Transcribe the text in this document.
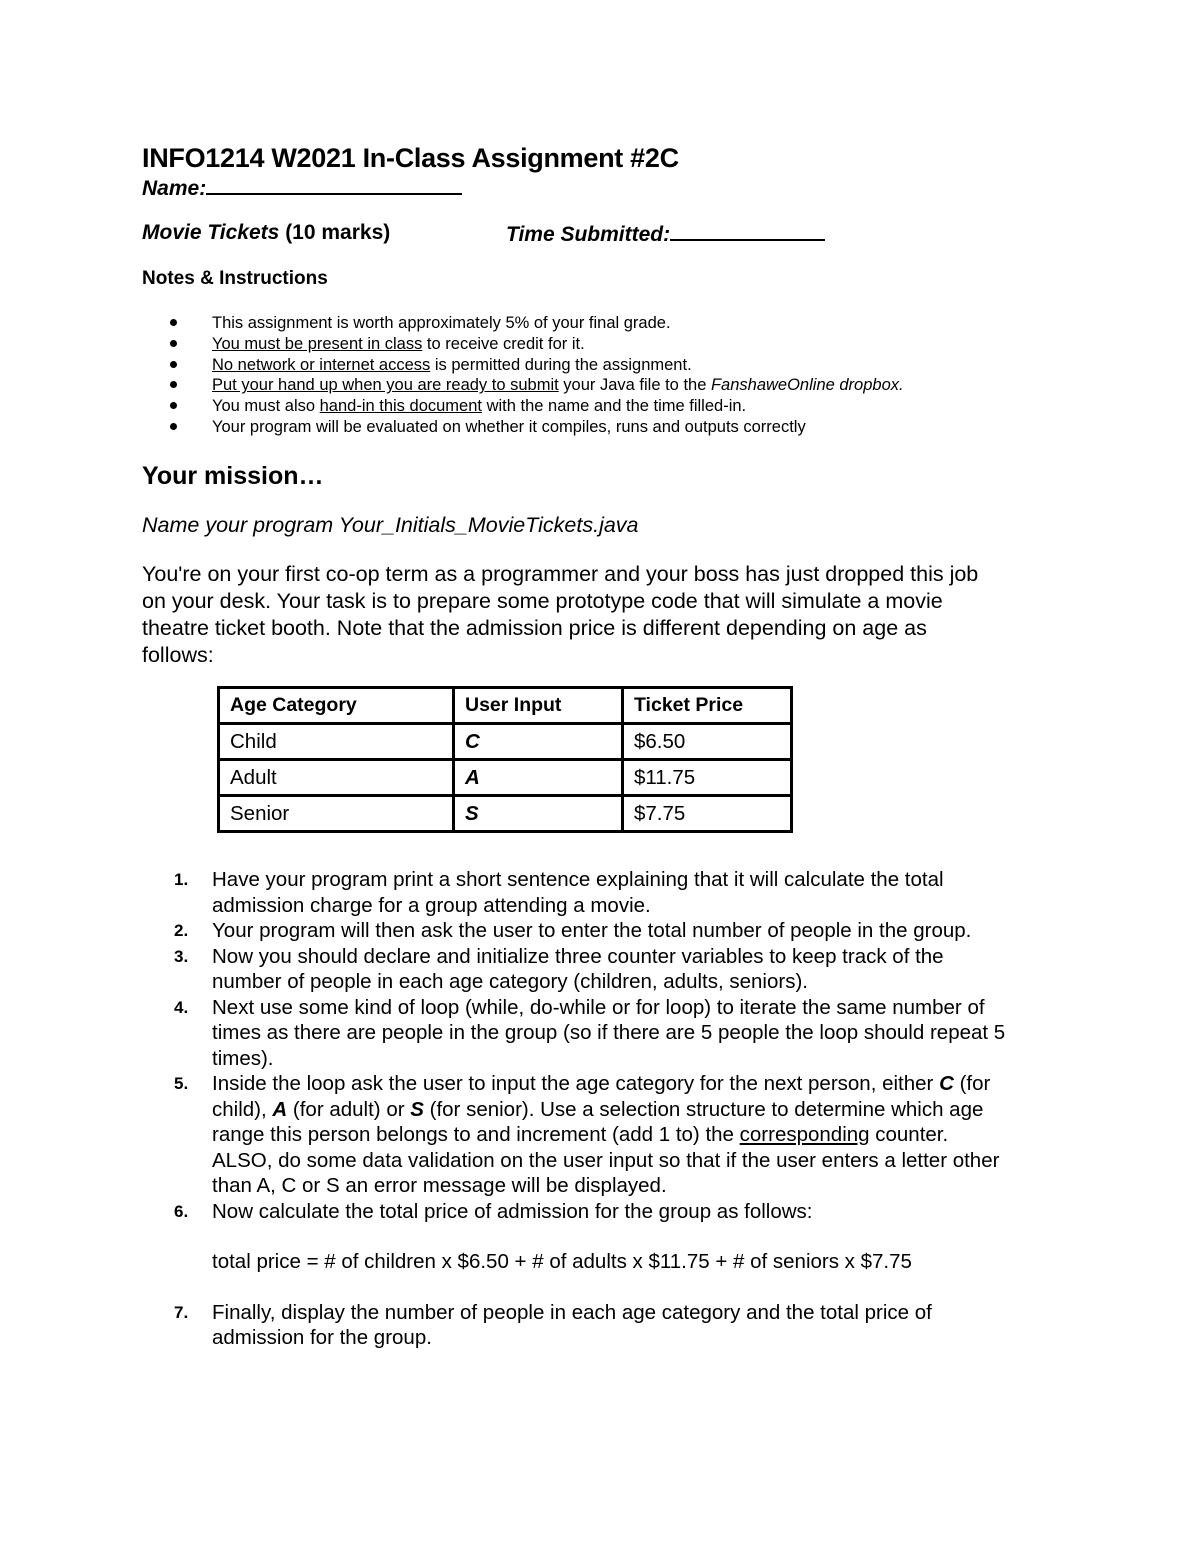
INFO1214 W2021 In-Class Assignment #2C
Name:
Movie Tickets (10 marks)	Time Submitted:
Notes & Instructions
This assignment is worth approximately 5% of your final grade.
You must be present in class to receive credit for it.
No network or internet access is permitted during the assignment.
Put your hand up when you are ready to submit your Java file to the FanshaweOnline dropbox.
You must also hand-in this document with the name and the time filled-in.
Your program will be evaluated on whether it compiles, runs and outputs correctly
Your mission…
Name your program Your_Initials_MovieTickets.java
You're on your first co-op term as a programmer and your boss has just dropped this job
on your desk. Your task is to prepare some prototype code that will simulate a movie
theatre ticket booth. Note that the admission price is different depending on age as
follows:
Age Category	User Input	Ticket Price
Child	C	$6.50
Adult	A	$11.75
Senior	S	$7.75
1. Have your program print a short sentence explaining that it will calculate the total
admission charge for a group attending a movie.
2. Your program will then ask the user to enter the total number of people in the group.
3. Now you should declare and initialize three counter variables to keep track of the
number of people in each age category (children, adults, seniors).
4. Next use some kind of loop (while, do-while or for loop) to iterate the same number of
times as there are people in the group (so if there are 5 people the loop should repeat 5
times).
5. Inside the loop ask the user to input the age category for the next person, either C (for
child), A (for adult) or S (for senior). Use a selection structure to determine which age
range this person belongs to and increment (add 1 to) the corresponding counter.
ALSO, do some data validation on the user input so that if the user enters a letter other
than A, C or S an error message will be displayed.
6. Now calculate the total price of admission for the group as follows:
total price = # of children x $6.50 + # of adults x $11.75 + # of seniors x $7.75
7. Finally, display the number of people in each age category and the total price of
admission for the group.
